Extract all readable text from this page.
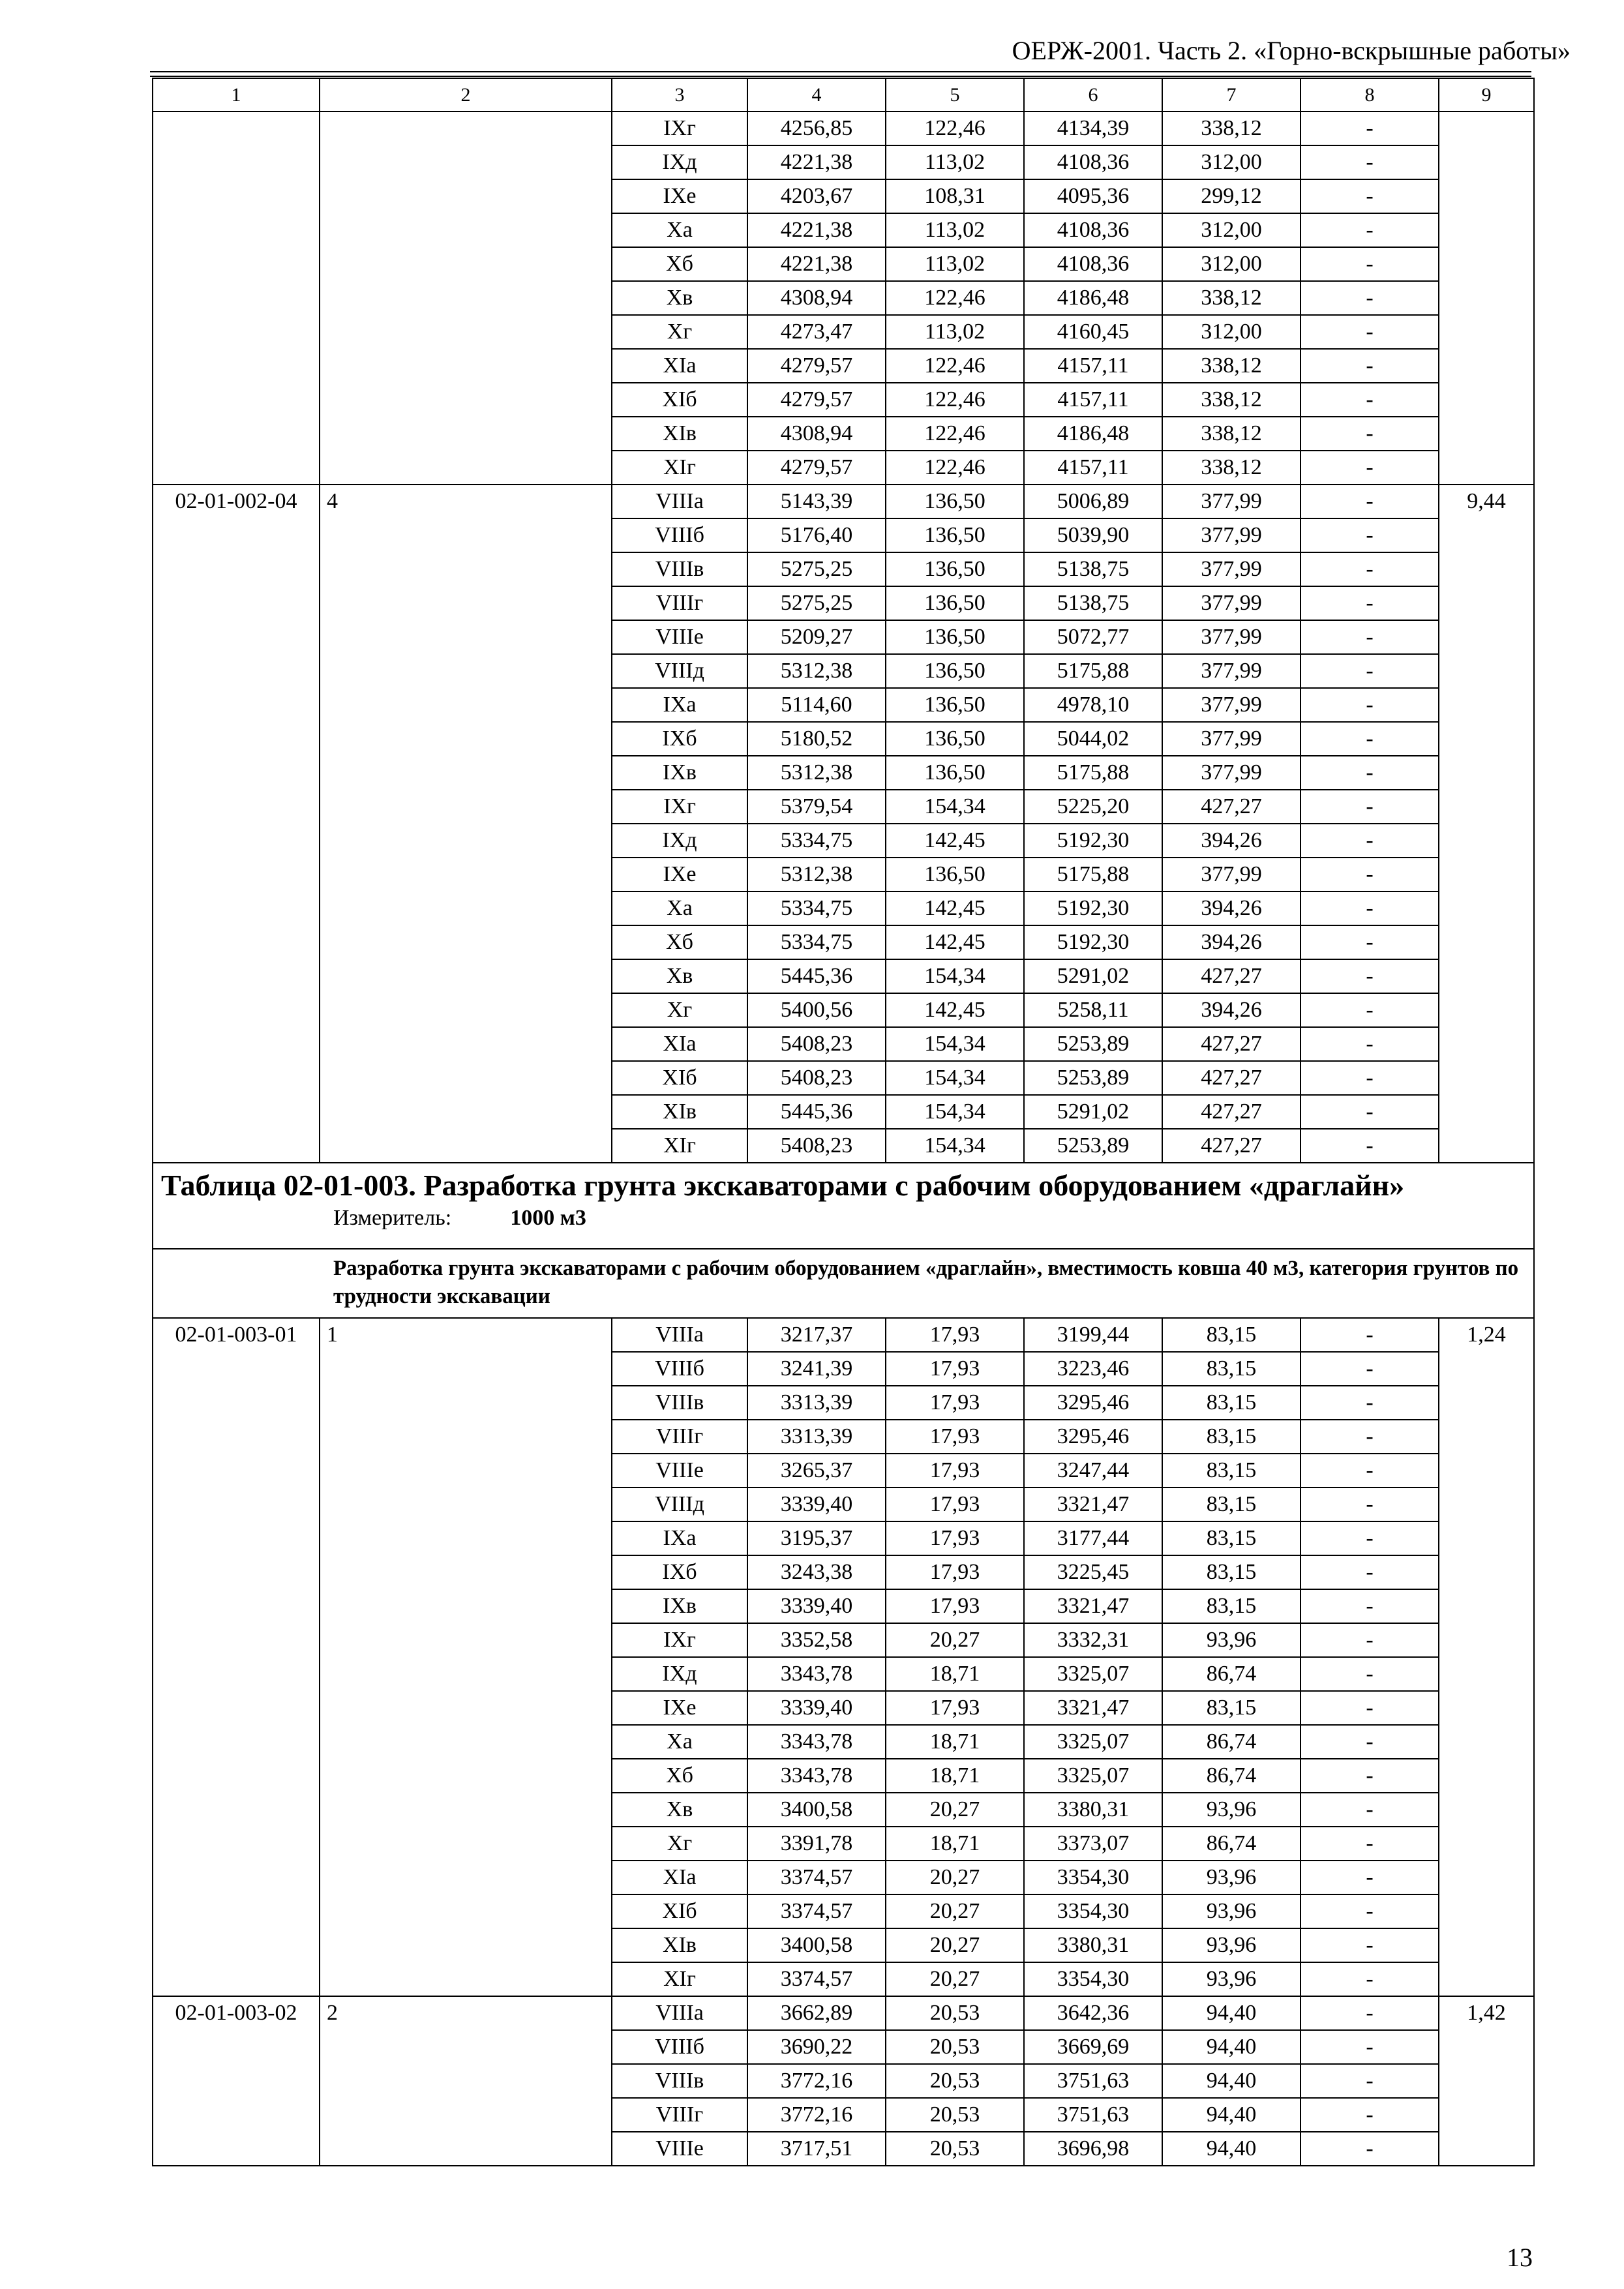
ОЕРЖ-2001. Часть 2. «Горно-вскрышные работы»
1	2	3	4	5	6	7	8	9
		IXг	4256,85	122,46	4134,39	338,12	-	
		IXд	4221,38	113,02	4108,36	312,00	-	
		IXе	4203,67	108,31	4095,36	299,12	-	
		Xа	4221,38	113,02	4108,36	312,00	-	
		Xб	4221,38	113,02	4108,36	312,00	-	
		Xв	4308,94	122,46	4186,48	338,12	-	
		Xг	4273,47	113,02	4160,45	312,00	-	
		XIа	4279,57	122,46	4157,11	338,12	-	
		XIб	4279,57	122,46	4157,11	338,12	-	
		XIв	4308,94	122,46	4186,48	338,12	-	
		XIг	4279,57	122,46	4157,11	338,12	-	
02-01-002-04	4	VIIIа	5143,39	136,50	5006,89	377,99	-	9,44
		VIIIб	5176,40	136,50	5039,90	377,99	-	
		VIIIв	5275,25	136,50	5138,75	377,99	-	
		VIIIг	5275,25	136,50	5138,75	377,99	-	
		VIIIе	5209,27	136,50	5072,77	377,99	-	
		VIIIд	5312,38	136,50	5175,88	377,99	-	
		IXа	5114,60	136,50	4978,10	377,99	-	
		IXб	5180,52	136,50	5044,02	377,99	-	
		IXв	5312,38	136,50	5175,88	377,99	-	
		IXг	5379,54	154,34	5225,20	427,27	-	
		IXд	5334,75	142,45	5192,30	394,26	-	
		IXе	5312,38	136,50	5175,88	377,99	-	
		Xа	5334,75	142,45	5192,30	394,26	-	
		Xб	5334,75	142,45	5192,30	394,26	-	
		Xв	5445,36	154,34	5291,02	427,27	-	
		Xг	5400,56	142,45	5258,11	394,26	-	
		XIа	5408,23	154,34	5253,89	427,27	-	
		XIб	5408,23	154,34	5253,89	427,27	-	
		XIв	5445,36	154,34	5291,02	427,27	-	
		XIг	5408,23	154,34	5253,89	427,27	-	

Таблица 02-01-003. Разработка грунта экскаваторами с рабочим оборудованием «драглайн»
Измеритель: 1000 м3								

Разработка грунта экскаваторами с рабочим оборудованием «драглайн», вместимость ковша 40 м3, категория грунтов по трудности экскавации								
02-01-003-01	1	VIIIа	3217,37	17,93	3199,44	83,15	-	1,24
		VIIIб	3241,39	17,93	3223,46	83,15	-	
		VIIIв	3313,39	17,93	3295,46	83,15	-	
		VIIIг	3313,39	17,93	3295,46	83,15	-	
		VIIIе	3265,37	17,93	3247,44	83,15	-	
		VIIIд	3339,40	17,93	3321,47	83,15	-	
		IXа	3195,37	17,93	3177,44	83,15	-	
		IXб	3243,38	17,93	3225,45	83,15	-	
		IXв	3339,40	17,93	3321,47	83,15	-	
		IXг	3352,58	20,27	3332,31	93,96	-	
		IXд	3343,78	18,71	3325,07	86,74	-	
		IXе	3339,40	17,93	3321,47	83,15	-	
		Xа	3343,78	18,71	3325,07	86,74	-	
		Xб	3343,78	18,71	3325,07	86,74	-	
		Xв	3400,58	20,27	3380,31	93,96	-	
		Xг	3391,78	18,71	3373,07	86,74	-	
		XIа	3374,57	20,27	3354,30	93,96	-	
		XIб	3374,57	20,27	3354,30	93,96	-	
		XIв	3400,58	20,27	3380,31	93,96	-	
		XIг	3374,57	20,27	3354,30	93,96	-	
02-01-003-02	2	VIIIа	3662,89	20,53	3642,36	94,40	-	1,42
		VIIIб	3690,22	20,53	3669,69	94,40	-	
		VIIIв	3772,16	20,53	3751,63	94,40	-	
		VIIIг	3772,16	20,53	3751,63	94,40	-	
		VIIIе	3717,51	20,53	3696,98	94,40	-	
13
